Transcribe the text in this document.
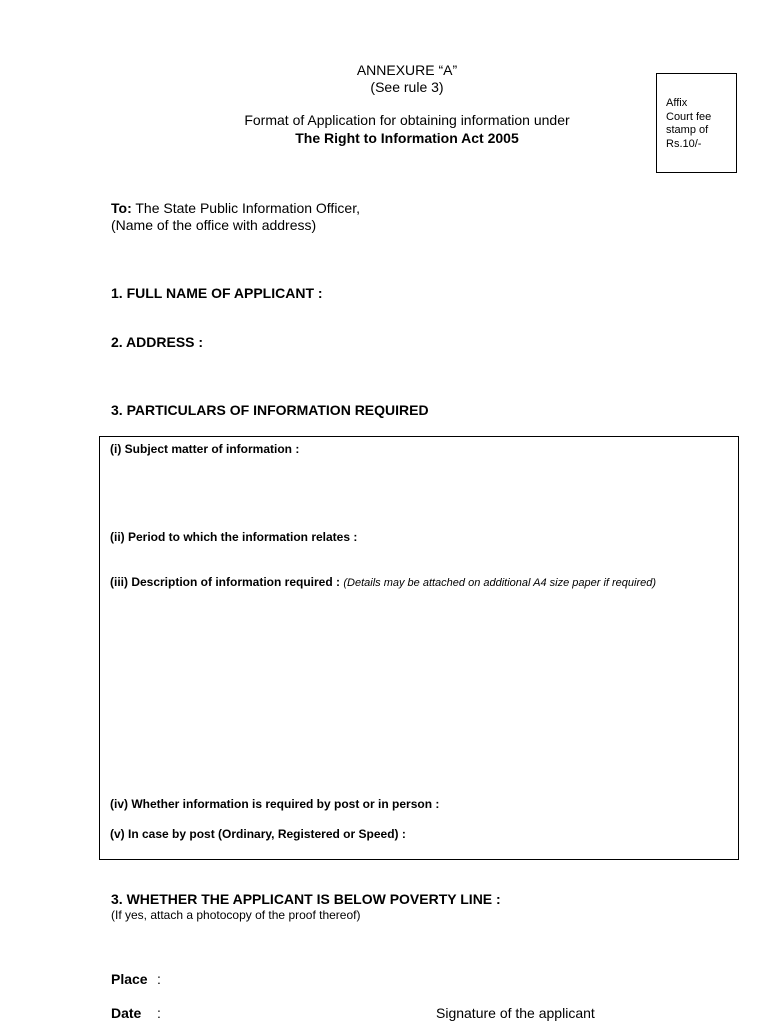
ANNEXURE “A”
(See rule 3)
Format of Application for obtaining information under
The Right to Information Act 2005
Affix
Court fee
stamp of
Rs.10/-
To: The State Public Information Officer,
(Name of the office with address)
1. FULL NAME OF APPLICANT :
2. ADDRESS :
3. PARTICULARS OF INFORMATION REQUIRED
(i) Subject matter of information :
(ii) Period to which the information relates :
(iii) Description of information required : (Details may be attached on additional A4 size paper if required)
(iv) Whether information is required by post or in person :
(v) In case by post (Ordinary, Registered or Speed) :
3. WHETHER THE APPLICANT IS BELOW POVERTY LINE :
(If yes, attach a photocopy of the proof thereof)
Place :
Date :	Signature of the applicant
